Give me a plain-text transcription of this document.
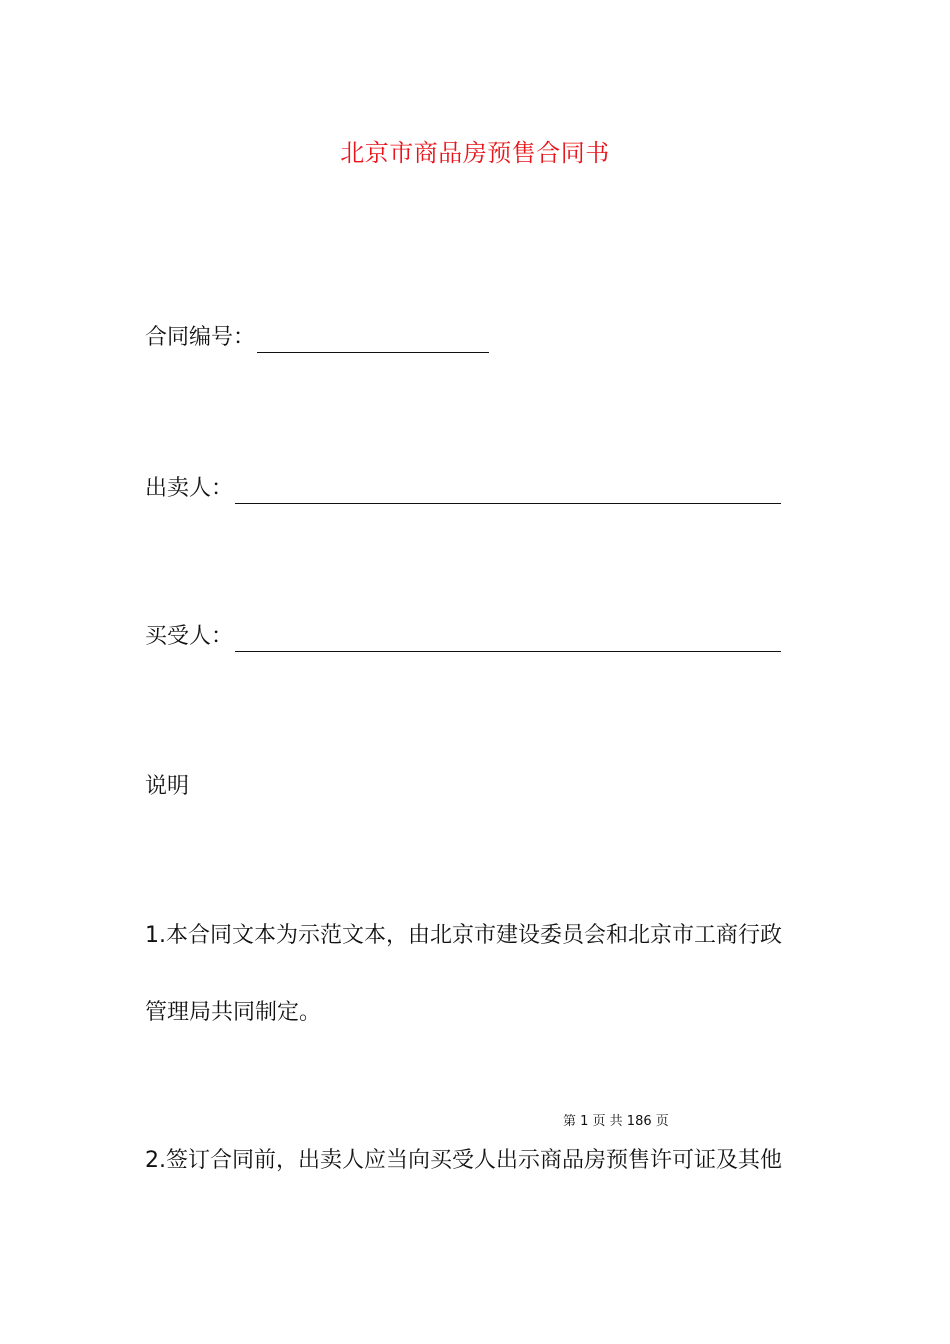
北京市商品房预售合同书
合同编号：
出卖人：
买受人：
说明
1.本合同文本为示范文本，由北京市建设委员会和北京市工商行政
管理局共同制定。
第 1 页 共 186 页
2.签订合同前，出卖人应当向买受人出示商品房预售许可证及其他
